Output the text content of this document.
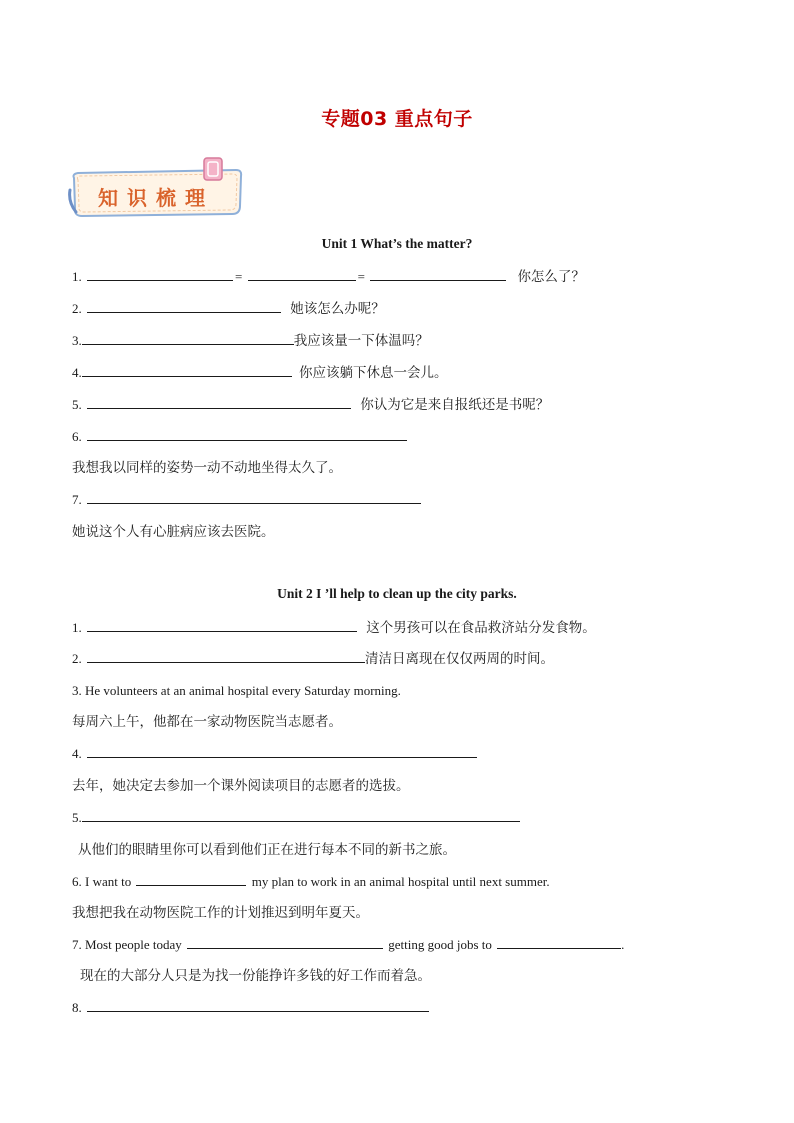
专题03 重点句子
知识梳理
Unit 1 What’s the matter?
1.	=	=	你怎么了？
2.	她该怎么办呢？
3.	我应该量一下体温吗？
4.	你应该躺下休息一会儿。
5.	你认为它是来自报纸还是书呢？
6.
我想我以同样的姿势一动不动地坐得太久了。
7.
她说这个人有心脏病应该去医院。
Unit 2 I ’ll help to clean up the city parks.
1.	这个男孩可以在食品救济站分发食物。
2.	清洁日离现在仅仅两周的时间。
3. He volunteers at an animal hospital every Saturday morning.
每周六上午，他都在一家动物医院当志愿者。
4.
去年，她决定去参加一个课外阅读项目的志愿者的选拔。
5.
从他们的眼睛里你可以看到他们正在进行每本不同的新书之旅。
6. I want to	my plan to work in an animal hospital until next summer.
我想把我在动物医院工作的计划推迟到明年夏天。
7. Most people today	getting good jobs to	.
现在的大部分人只是为找一份能挣许多钱的好工作而着急。
8.
